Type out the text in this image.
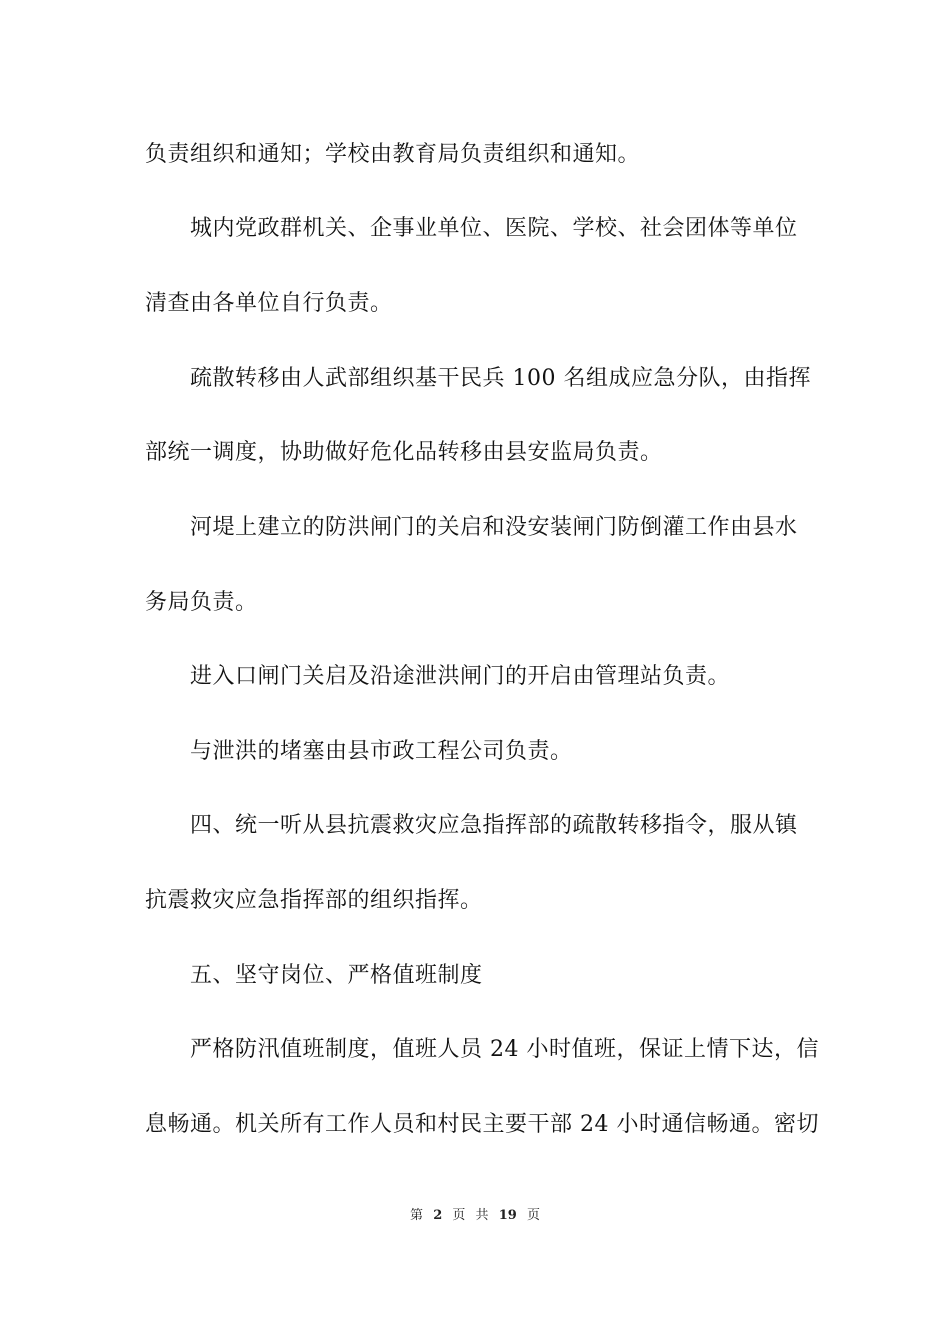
负责组织和通知；学校由教育局负责组织和通知。
城内党政群机关、企事业单位、医院、学校、社会团体等单位
清查由各单位自行负责。
疏散转移由人武部组织基干民兵 100 名组成应急分队，由指挥
部统一调度，协助做好危化品转移由县安监局负责。
河堤上建立的防洪闸门的关启和没安装闸门防倒灌工作由县水
务局负责。
进入口闸门关启及沿途泄洪闸门的开启由管理站负责。
与泄洪的堵塞由县市政工程公司负责。
四、统一听从县抗震救灾应急指挥部的疏散转移指令，服从镇
抗震救灾应急指挥部的组织指挥。
五、坚守岗位、严格值班制度
严格防汛值班制度，值班人员 24 小时值班，保证上情下达，信
息畅通。机关所有工作人员和村民主要干部 24 小时通信畅通。密切
第 2 页 共 19 页
